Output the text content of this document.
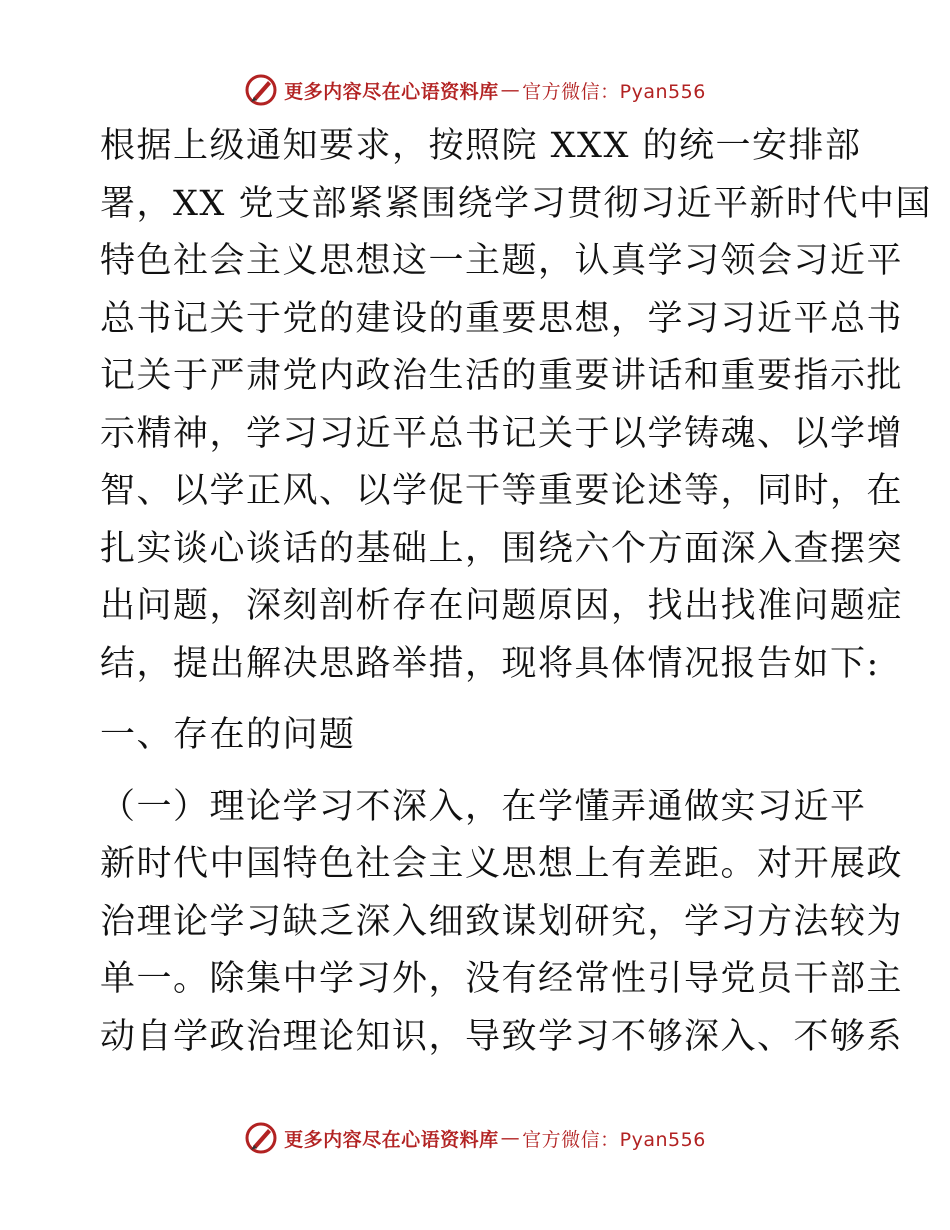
更多内容尽在心语资料库 — 官方微信：Pyan556
根据上级通知要求，按照院 XXX 的统一安排部
署，XX 党支部紧紧围绕学习贯彻习近平新时代中国
特色社会主义思想这一主题，认真学习领会习近平
总书记关于党的建设的重要思想，学习习近平总书
记关于严肃党内政治生活的重要讲话和重要指示批
示精神，学习习近平总书记关于以学铸魂、以学增
智、以学正风、以学促干等重要论述等，同时，在
扎实谈心谈话的基础上，围绕六个方面深入查摆突
出问题，深刻剖析存在问题原因，找出找准问题症
结，提出解决思路举措，现将具体情况报告如下:
一、存在的问题
（一）理论学习不深入，在学懂弄通做实习近平
新时代中国特色社会主义思想上有差距。对开展政
治理论学习缺乏深入细致谋划研究，学习方法较为
单一。除集中学习外，没有经常性引导党员干部主
动自学政治理论知识，导致学习不够深入、不够系
更多内容尽在心语资料库 — 官方微信：Pyan556
